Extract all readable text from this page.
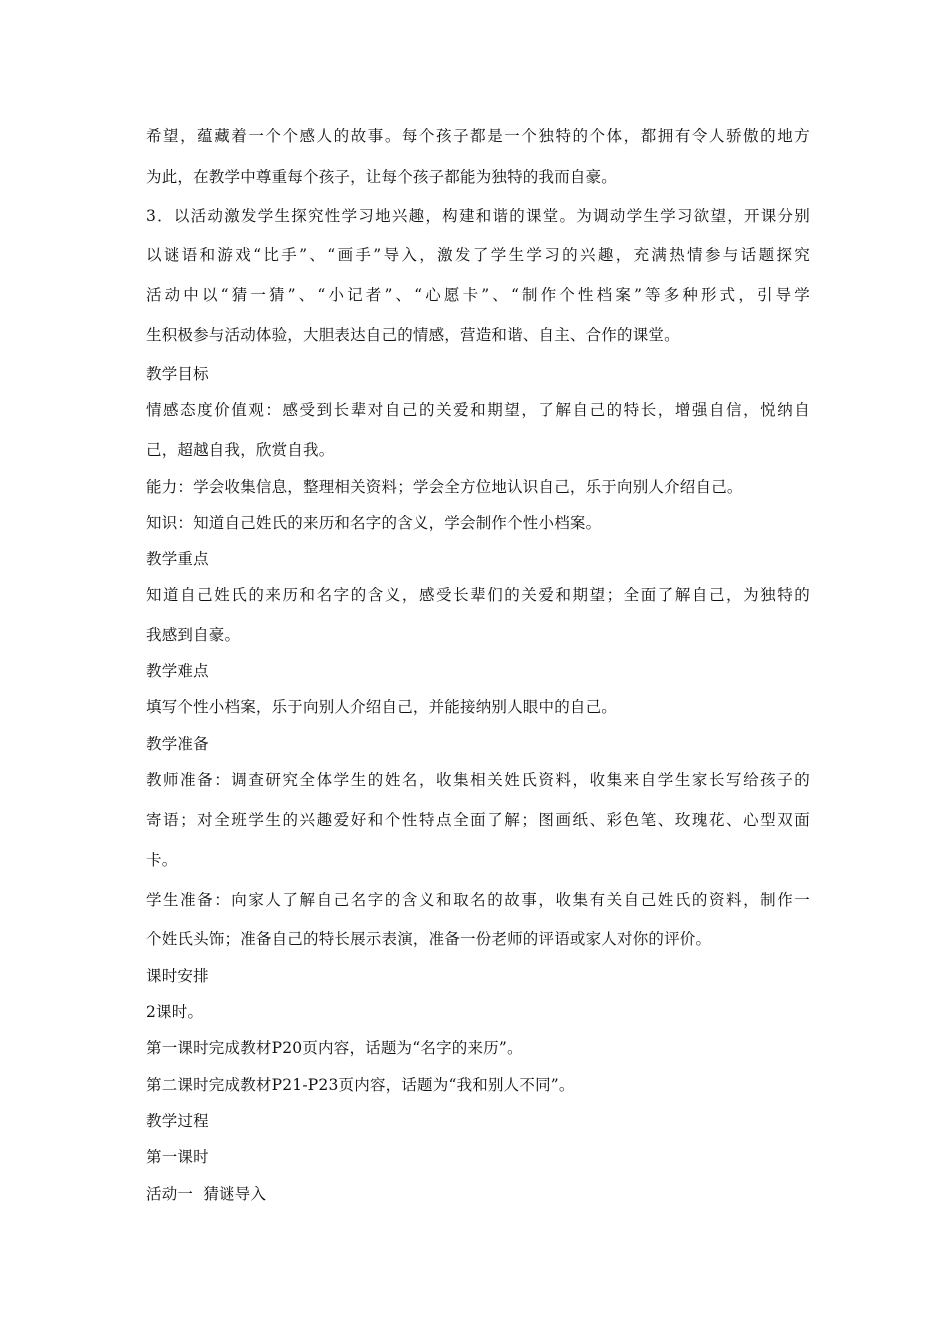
希望，蕴藏着一个个感人的故事。每个孩子都是一个独特的个体，都拥有令人骄傲的地方
为此，在教学中尊重每个孩子，让每个孩子都能为独特的我而自豪。
3．以活动激发学生探究性学习地兴趣，构建和谐的课堂。为调动学生学习欲望，开课分别
以谜语和游戏“比手”、“画手”导入，激发了学生学习的兴趣，充满热情参与话题探究
活动中以“猜一猜”、“小记者”、“心愿卡”、“制作个性档案”等多种形式，引导学
生积极参与活动体验，大胆表达自己的情感，营造和谐、自主、合作的课堂。
教学目标
情感态度价值观：感受到长辈对自己的关爱和期望，了解自己的特长，增强自信，悦纳自
己，超越自我，欣赏自我。
能力：学会收集信息，整理相关资料；学会全方位地认识自己，乐于向别人介绍自己。
知识：知道自己姓氏的来历和名字的含义，学会制作个性小档案。
教学重点
知道自己姓氏的来历和名字的含义，感受长辈们的关爱和期望；全面了解自己，为独特的
我感到自豪。
教学难点
填写个性小档案，乐于向别人介绍自己，并能接纳别人眼中的自己。
教学准备
教师准备：调查研究全体学生的姓名，收集相关姓氏资料，收集来自学生家长写给孩子的
寄语；对全班学生的兴趣爱好和个性特点全面了解；图画纸、彩色笔、玫瑰花、心型双面
卡。
学生准备：向家人了解自己名字的含义和取名的故事，收集有关自己姓氏的资料，制作一
个姓氏头饰；准备自己的特长展示表演，准备一份老师的评语或家人对你的评价。
课时安排
2课时。
第一课时完成教材P20页内容，话题为“名字的来历”。
第二课时完成教材P21-P23页内容，话题为“我和别人不同”。
教学过程
第一课时
活动一  猜谜导入
